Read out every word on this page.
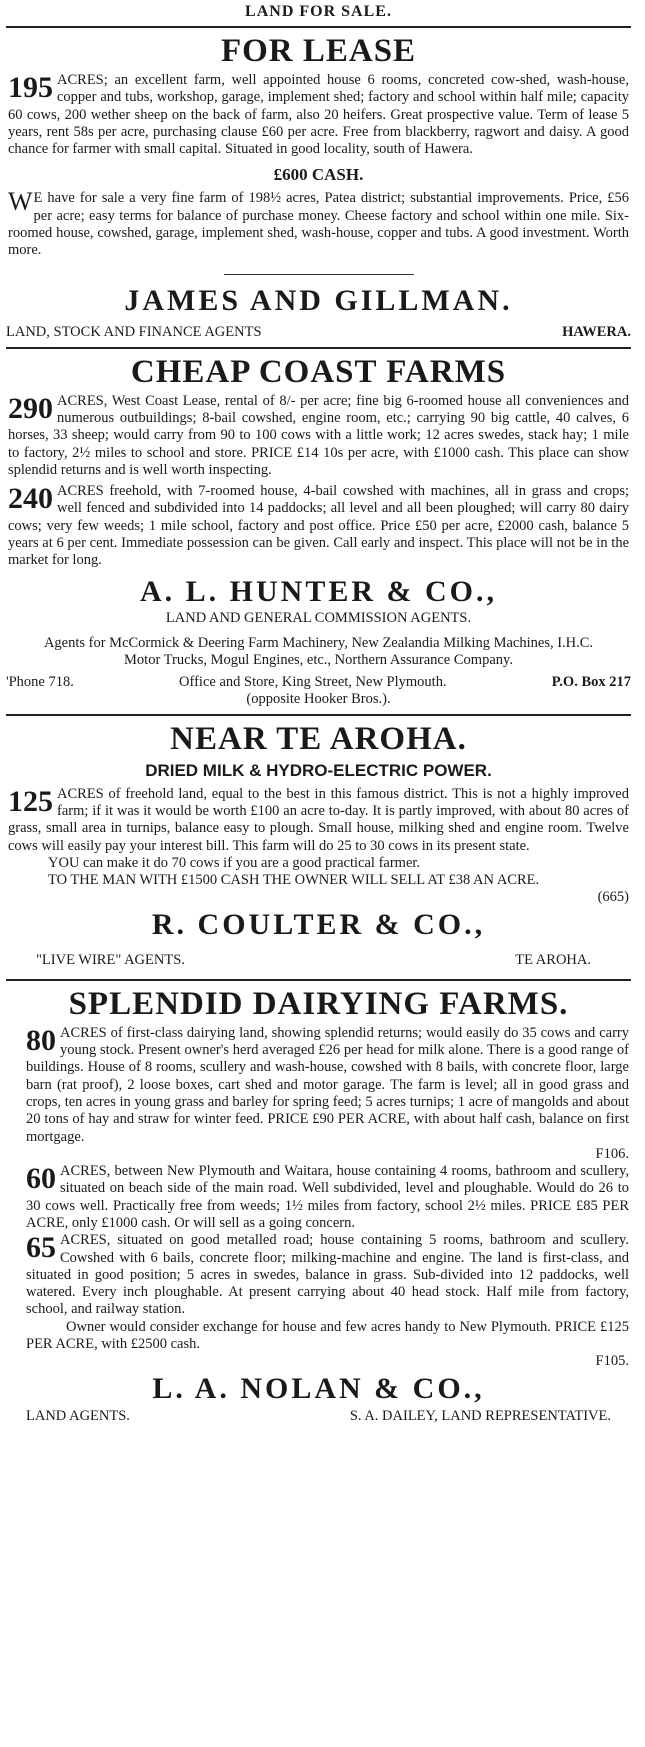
LAND FOR SALE.
FOR LEASE
195 ACRES; an excellent farm, well appointed house 6 rooms, concreted cow-shed, wash-house, copper and tubs, workshop, garage, implement shed; factory and school within half mile; capacity 60 cows, 200 wether sheep on the back of farm, also 20 heifers. Great prospective value. Term of lease 5 years, rent 58s per acre, purchasing clause £60 per acre. Free from blackberry, ragwort and daisy. A good chance for farmer with small capital. Situated in good locality, south of Hawera.

£600 CASH.
W E have for sale a very fine farm of 198½ acres, Patea district; substantial improvements. Price, £56 per acre; easy terms for balance of purchase money. Cheese factory and school within one mile. Six-roomed house, cowshed, garage, implement shed, wash-house, copper and tubs. A good investment. Worth more.

JAMES AND GILLMAN.
LAND, STOCK AND FINANCE AGENTS	HAWERA.
CHEAP COAST FARMS
290 ACRES, West Coast Lease, rental of 8/- per acre; fine big 6-roomed house all conveniences and numerous outbuildings; 8-bail cowshed, engine room, etc.; carrying 90 big cattle, 40 calves, 6 horses, 33 sheep; would carry from 90 to 100 cows with a little work; 12 acres swedes, stack hay; 1 mile to factory, 2½ miles to school and store. PRICE £14 10s per acre, with £1000 cash. This place can show splendid returns and is well worth inspecting.

240 ACRES freehold, with 7-roomed house, 4-bail cowshed with machines, all in grass and crops; well fenced and subdivided into 14 paddocks; all level and all been ploughed; will carry 80 dairy cows; very few weeds; 1 mile school, factory and post office. Price £50 per acre, £2000 cash, balance 5 years at 6 per cent. Immediate possession can be given. Call early and inspect. This place will not be in the market for long.

A. L. HUNTER & CO.,
LAND AND GENERAL COMMISSION AGENTS.
Agents for McCormick & Deering Farm Machinery, New Zealandia Milking Machines, I.H.C. Motor Trucks, Mogul Engines, etc., Northern Assurance Company.
'Phone 718.	Office and Store, King Street, New Plymouth.	P.O. Box 217
(opposite Hooker Bros.).
NEAR TE AROHA.
DRIED MILK & HYDRO-ELECTRIC POWER.
125 ACRES of freehold land, equal to the best in this famous district. This is not a highly improved farm; if it was it would be worth £100 an acre to-day. It is partly improved, with about 80 acres of grass, small area in turnips, balance easy to plough. Small house, milking shed and engine room. Twelve cows will easily pay your interest bill. This farm will do 25 to 30 cows in its present state.

YOU can make it do 70 cows if you are a good practical farmer.
TO THE MAN WITH £1500 CASH THE OWNER WILL SELL AT £38 AN ACRE.
(665)
R. COULTER & CO.,
"LIVE WIRE" AGENTS.	TE AROHA.
SPLENDID DAIRYING FARMS.
80 ACRES of first-class dairying land, showing splendid returns; would easily do 35 cows and carry young stock. Present owner's herd averaged £26 per head for milk alone. There is a good range of buildings. House of 8 rooms, scullery and wash-house, cowshed with 8 bails, with concrete floor, large barn (rat proof), 2 loose boxes, cart shed and motor garage. The farm is level; all in good grass and crops, ten acres in young grass and barley for spring feed; 5 acres turnips; 1 acre of mangolds and about 20 tons of hay and straw for winter feed. PRICE £90 PER ACRE, with about half cash, balance on first mortgage.

F106.
60 ACRES, between New Plymouth and Waitara, house containing 4 rooms, bathroom and scullery, situated on beach side of the main road. Well subdivided, level and ploughable. Would do 26 to 30 cows well. Practically free from weeds; 1½ miles from factory, school 2½ miles. PRICE £85 PER ACRE, only £1000 cash. Or will sell as a going concern.

65 ACRES, situated on good metalled road; house containing 5 rooms, bathroom and scullery. Cowshed with 6 bails, concrete floor; milking-machine and engine. The land is first-class, and situated in good position; 5 acres in swedes, balance in grass. Sub-divided into 12 paddocks, well watered. Every inch ploughable. At present carrying about 40 head stock. Half mile from factory, school, and railway station.

Owner would consider exchange for house and few acres handy to New Plymouth. PRICE £125 PER ACRE, with £2500 cash.
F105.
L. A. NOLAN & CO.,
LAND AGENTS.	S. A. DAILEY, LAND REPRESENTATIVE.
